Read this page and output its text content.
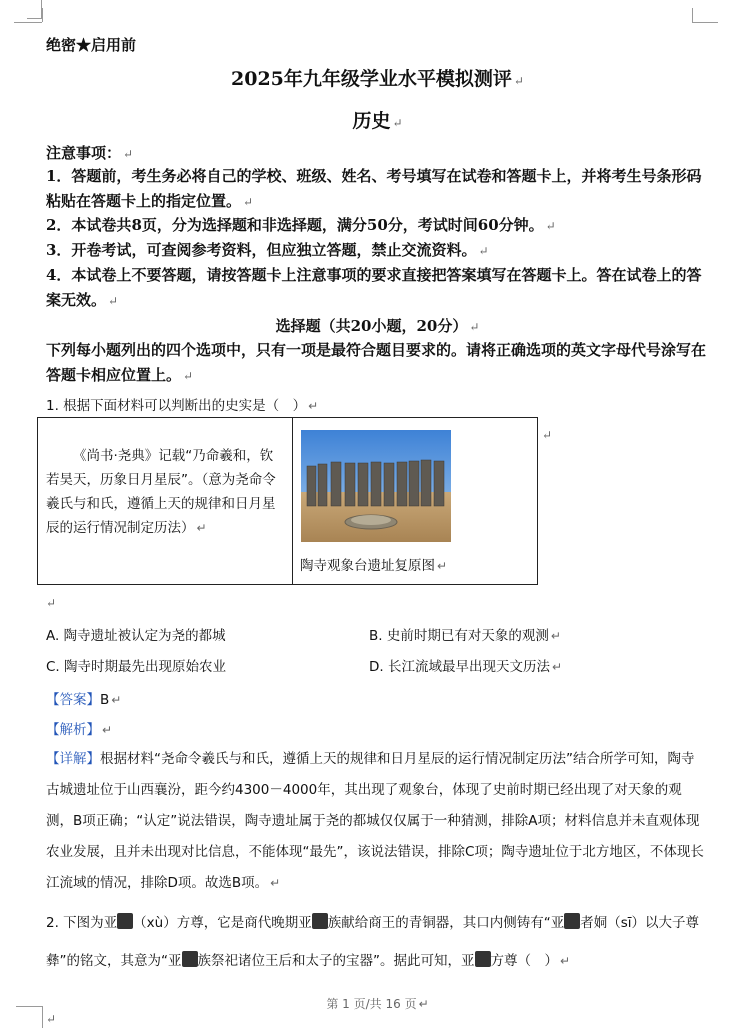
绝密★启用前
2025年九年级学业水平模拟测评 ↵
历史 ↵
注意事项： ↵
1．答题前，考生务必将自己的学校、班级、姓名、考号填写在试卷和答题卡上，并将考生号条形码粘贴在答题卡上的指定位置。 ↵
2．本试卷共8页，分为选择题和非选择题，满分50分，考试时间60分钟。 ↵
3．开卷考试，可查阅参考资料，但应独立答题，禁止交流资料。 ↵
4．本试卷上不要答题，请按答题卡上注意事项的要求直接把答案填写在答题卡上。答在试卷上的答案无效。 ↵
选择题（共20小题，20分） ↵
下列每小题列出的四个选项中，只有一项是最符合题目要求的。请将正确选项的英文字母代号涂写在答题卡相应位置上。 ↵
1. 根据下面材料可以判断出的史实是（　） ↵
《尚书·尧典》记载“乃命羲和，钦若昊天，历象日月星辰”。（意为尧命令羲氏与和氏，遵循上天的规律和日月星辰的运行情况制定历法） ↵
陶寺观象台遗址复原图 ↵
↵
↵
A. 陶寺遗址被认定为尧的都城	B. 史前时期已有对天象的观测 ↵
C. 陶寺时期最先出现原始农业	D. 长江流域最早出现天文历法 ↵
【答案】B ↵
【解析】 ↵
【详解】根据材料“尧命令羲氏与和氏，遵循上天的规律和日月星辰的运行情况制定历法”结合所学可知，陶寺古城遗址位于山西襄汾，距今约4300－4000年，其出现了观象台，体现了史前时期已经出现了对天象的观测，B项正确；“认定”说法错误，陶寺遗址属于尧的都城仅仅属于一种猜测，排除A项；材料信息并未直观体现农业发展，且并未出现对比信息，不能体现“最先”，该说法错误，排除C项；陶寺遗址位于北方地区，不体现长江流域的情况，排除D项。故选B项。 ↵
2. 下图为亚 （xù）方尊，它是商代晚期亚 族献给商王的青铜器，其口内侧铸有“亚 者姛（sī）以大子尊彝”的铭文，其意为“亚 族祭祀诸位王后和太子的宝器”。据此可知，亚 方尊（　） ↵
第 1 页/共 16 页 ↵
↵
